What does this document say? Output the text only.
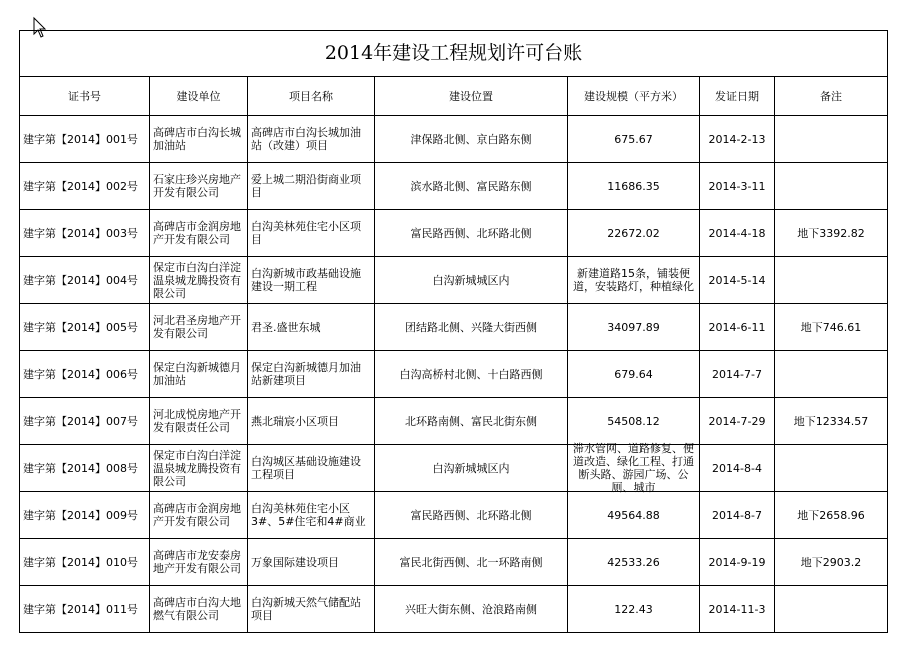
2014年建设工程规划许可台账						
证书号	建设单位	项目名称	建设位置	建设规模（平方米）	发证日期	备注

建字第【2014】001号	高碑店市白沟长城加油站	高碑店市白沟长城加油站（改建）项目	津保路北侧、京白路东侧	675.67	2014-2-13	

建字第【2014】002号	石家庄珍兴房地产开发有限公司	爱上城二期沿街商业项目	滨水路北侧、富民路东侧	11686.35	2014-3-11	

建字第【2014】003号	高碑店市金润房地产开发有限公司	白沟美林苑住宅小区项目	富民路西侧、北环路北侧	22672.02	2014-4-18	地下3392.82

建字第【2014】004号	保定市白沟白洋淀温泉城龙腾投资有限公司	白沟新城市政基础设施建设一期工程	白沟新城城区内	新建道路15条，铺装便道，安装路灯，种植绿化	2014-5-14	

建字第【2014】005号	河北君圣房地产开发有限公司	君圣.盛世东城	团结路北侧、兴隆大街西侧	34097.89	2014-6-11	地下746.61

建字第【2014】006号	保定白沟新城德月加油站	保定白沟新城德月加油站新建项目	白沟高桥村北侧、十白路西侧	679.64	2014-7-7	

建字第【2014】007号	河北成悦房地产开发有限责任公司	燕北瑞宸小区项目	北环路南侧、富民北街东侧	54508.12	2014-7-29	地下12334.57

建字第【2014】008号	保定市白沟白洋淀温泉城龙腾投资有限公司	白沟城区基础设施建设工程项目	白沟新城城区内	滞水管网、道路修复、便道改造、绿化工程、打通断头路、游园广场、公厕、城市	2014-8-4	

建字第【2014】009号	高碑店市金润房地产开发有限公司	白沟美林苑住宅小区3#、5#住宅和4#商业	富民路西侧、北环路北侧	49564.88	2014-8-7	地下2658.96

建字第【2014】010号	高碑店市龙安泰房地产开发有限公司	万象国际建设项目	富民北街西侧、北一环路南侧	42533.26	2014-9-19	地下2903.2

建字第【2014】011号	高碑店市白沟大地燃气有限公司	白沟新城天然气储配站项目	兴旺大街东侧、沧浪路南侧	122.43	2014-11-3	
